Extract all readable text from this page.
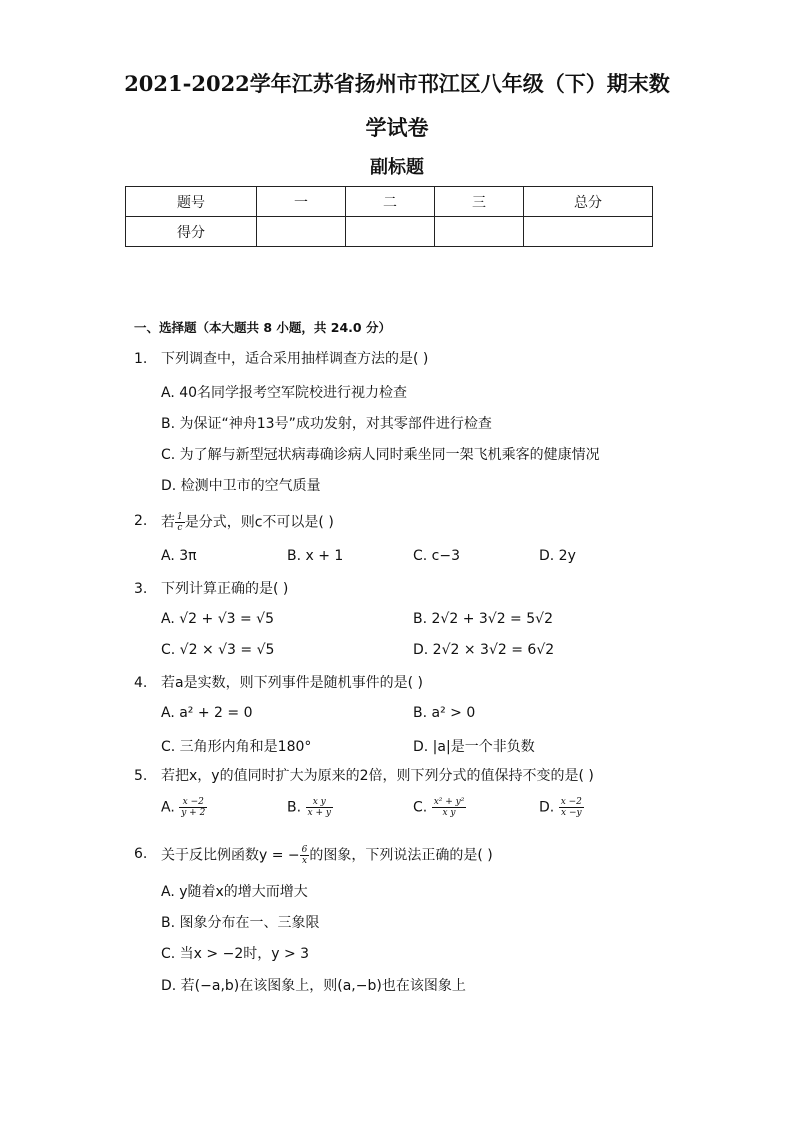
2021-2022学年江苏省扬州市邗江区八年级（下）期末数
学试卷
副标题
题号	一	二	三	总分
得分				
一、选择题（本大题共 8 小题，共 24.0 分）
1. 下列调查中，适合采用抽样调查方法的是( )
A. 40名同学报考空军院校进行视力检查
B. 为保证“神舟13号”成功发射，对其零部件进行检查
C. 为了解与新型冠状病毒确诊病人同时乘坐同一架飞机乘客的健康情况
D. 检测中卫市的空气质量
2. 若 $\frac{1}{c}$ 是分式，则c不可以是( )
A. 3π	B. x + 1	C. c−3	D. 2y
3. 下列计算正确的是( )
A. √2 + √3 = √5	B. 2√2 + 3√2 = 5√2
C. √2 × √3 = √5	D. 2√2 × 3√2 = 6√2
4. 若a是实数，则下列事件是随机事件的是( )
A. a² + 2 = 0	B. a² > 0
C. 三角形内角和是180°	D. |a|是一个非负数
5. 若把x，y的值同时扩大为原来的2倍，则下列分式的值保持不变的是( )
A. $\frac{x -2}{y + 2}$	B. $\frac{\text{x y}}{x + y}$	C. $\frac{\text{x² + y²}}{\text{x y}}$	D. $\frac{x -2}{x -y}$
6. 关于反比例函数y = − $\frac{6}{x}$ 的图象，下列说法正确的是( )
A. y随着x的增大而增大
B. 图象分布在一、三象限
C. 当x > −2时，y > 3
D. 若(−a,b)在该图象上，则(a,−b)也在该图象上
